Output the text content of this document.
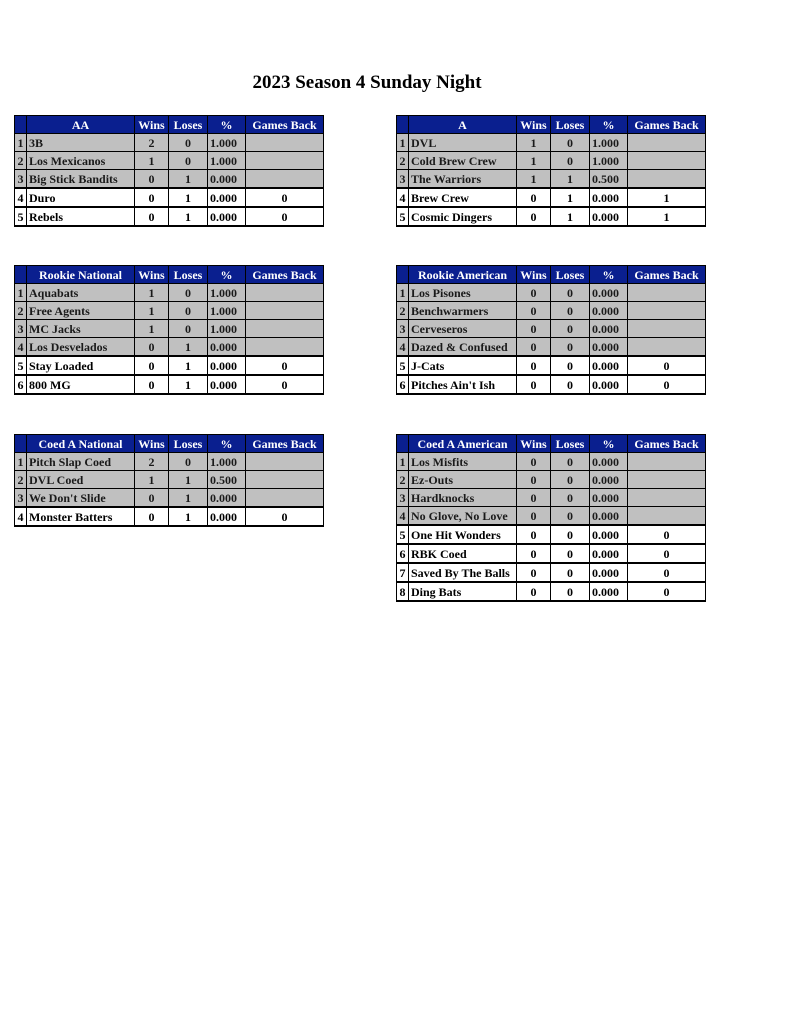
2023 Season 4 Sunday Night
	AA	Wins	Loses	%	Games Back
1	3B	2	0	1.000	
2	Los Mexicanos	1	0	1.000	
3	Big Stick Bandits	0	1	0.000	
4	Duro	0	1	0.000	0
5	Rebels	0	1	0.000	0
	A	Wins	Loses	%	Games Back
1	DVL	1	0	1.000	
2	Cold Brew Crew	1	0	1.000	
3	The Warriors	1	1	0.500	
4	Brew Crew	0	1	0.000	1
5	Cosmic Dingers	0	1	0.000	1
	Rookie National	Wins	Loses	%	Games Back
1	Aquabats	1	0	1.000	
2	Free Agents	1	0	1.000	
3	MC Jacks	1	0	1.000	
4	Los Desvelados	0	1	0.000	
5	Stay Loaded	0	1	0.000	0
6	800 MG	0	1	0.000	0
	Rookie American	Wins	Loses	%	Games Back
1	Los Pisones	0	0	0.000	
2	Benchwarmers	0	0	0.000	
3	Cerveseros	0	0	0.000	
4	Dazed & Confused	0	0	0.000	
5	J-Cats	0	0	0.000	0
6	Pitches Ain't Ish	0	0	0.000	0
	Coed A National	Wins	Loses	%	Games Back
1	Pitch Slap Coed	2	0	1.000	
2	DVL Coed	1	1	0.500	
3	We Don't Slide	0	1	0.000	
4	Monster Batters	0	1	0.000	0
	Coed A American	Wins	Loses	%	Games Back
1	Los Misfits	0	0	0.000	
2	Ez-Outs	0	0	0.000	
3	Hardknocks	0	0	0.000	
4	No Glove, No Love	0	0	0.000	
5	One Hit Wonders	0	0	0.000	0
6	RBK Coed	0	0	0.000	0
7	Saved By The Balls	0	0	0.000	0
8	Ding Bats	0	0	0.000	0
